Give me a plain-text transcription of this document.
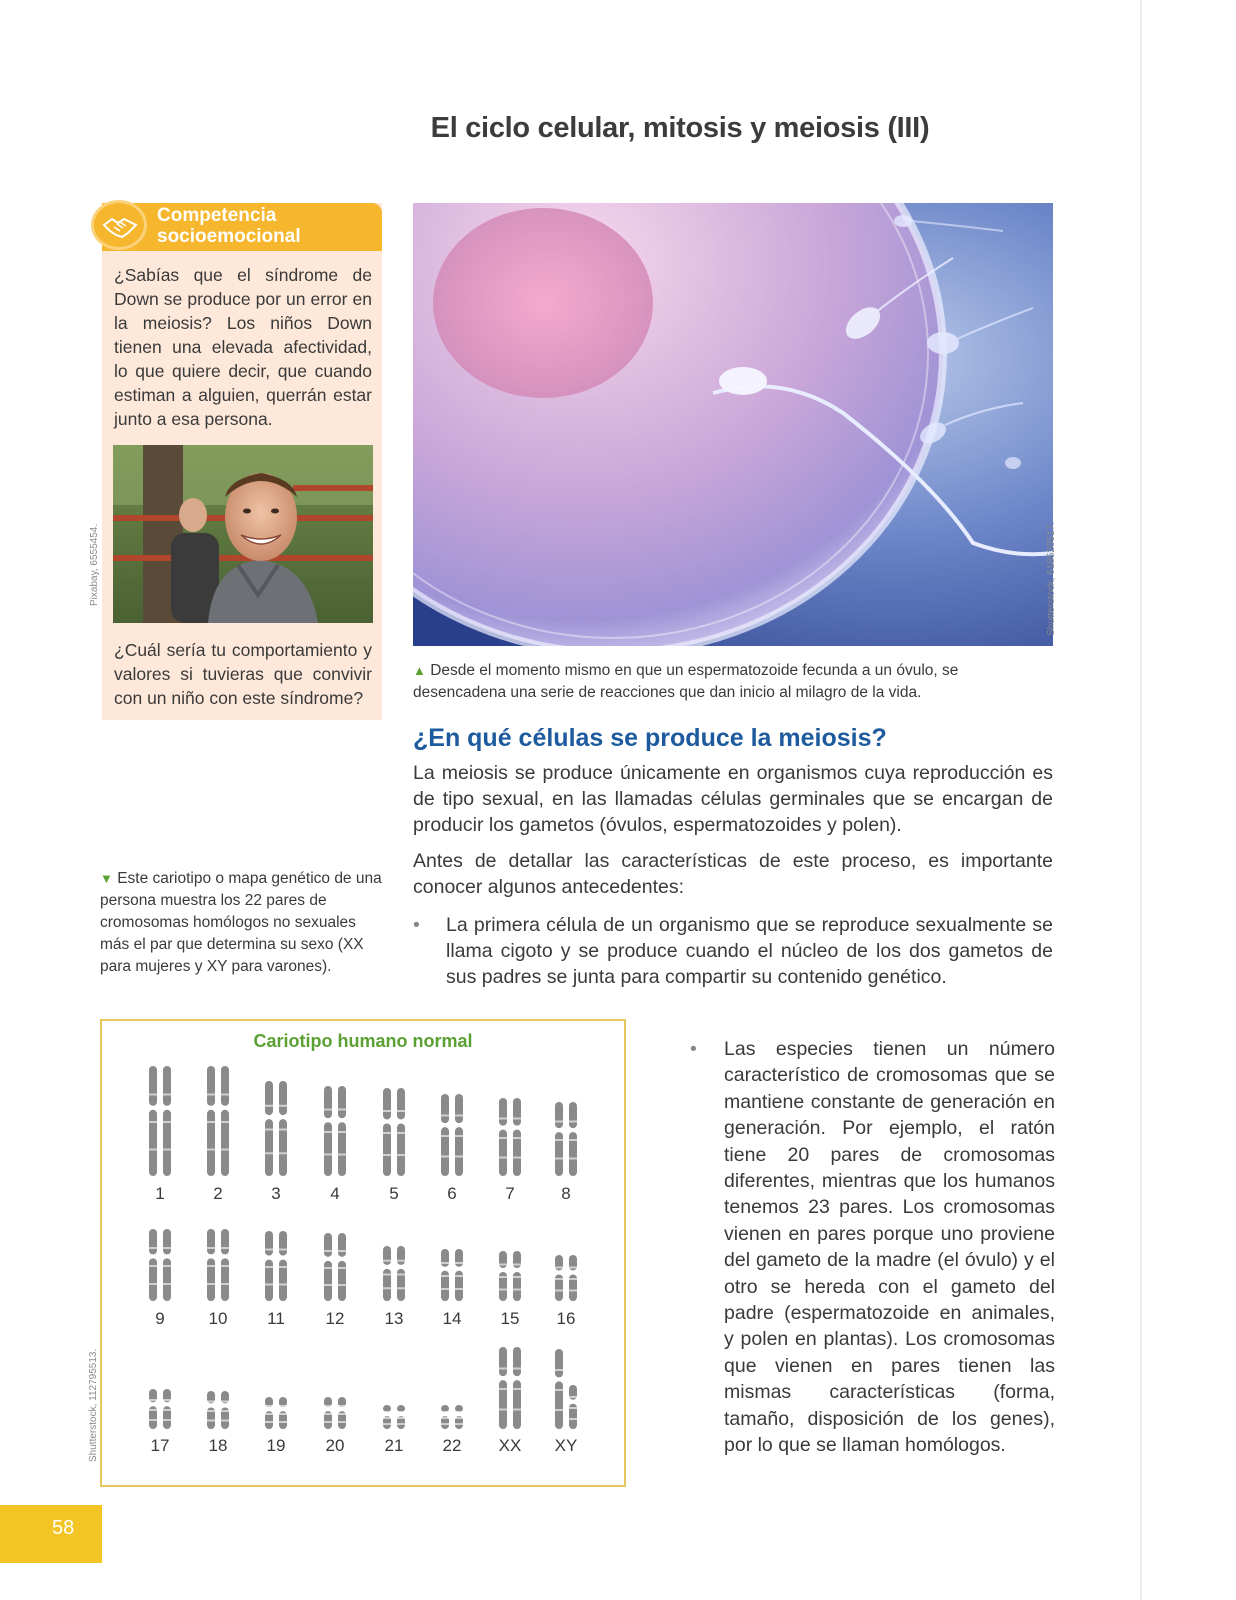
El ciclo celular, mitosis y meiosis (III)
Competencia
socioemocional
¿Sabías que el síndrome de Down se produce por un error en la meiosis? Los niños Down tienen una elevada afectividad, lo que quiere decir, que cuando estiman a alguien, querrán estar junto a esa persona.
Pixabay, 6555454.
¿Cuál sería tu comportamiento y valores si tuvieras que convivir con un niño con este síndrome?
Shutterstock, 618520517.
▲ Desde el momento mismo en que un espermatozoide fecunda a un óvulo, se desencadena una serie de reacciones que dan inicio al milagro de la vida.
¿En qué células se produce la meiosis?

La meiosis se produce únicamente en organismos cuya reproducción es de tipo sexual, en las llamadas células germinales que se encargan de producir los gametos (óvulos, espermatozoides y polen).

Antes de detallar las características de este proceso, es importante conocer algunos antecedentes:

• La primera célula de un organismo que se reproduce sexualmente se llama cigoto y se produce cuando el núcleo de los dos gametos de sus padres se junta para compartir su contenido genético.
▼ Este cariotipo o mapa genético de una persona muestra los 22 pares de cromosomas homólogos no sexuales más el par que determina su sexo (XX para mujeres y XY para varones).
Cariotipo humano normal
1	2	3	4	5	6	7	8
9	10 11 12 13 14 15 16
17 18 19 20 21 22 XX XY
Shutterstock, 112795513.
• Las especies tienen un número característico de cromosomas que se mantiene constante de generación en generación. Por ejemplo, el ratón tiene 20 pares de cromosomas diferentes, mientras que los humanos tenemos 23 pares. Los cromosomas vienen en pares porque uno proviene del gameto de la madre (el óvulo) y el otro se hereda con el gameto del padre (espermatozoide en animales, y polen en plantas). Los cromosomas que vienen en pares tienen las mismas características (forma, tamaño, disposición de los genes), por lo que se llaman homólogos.
58
